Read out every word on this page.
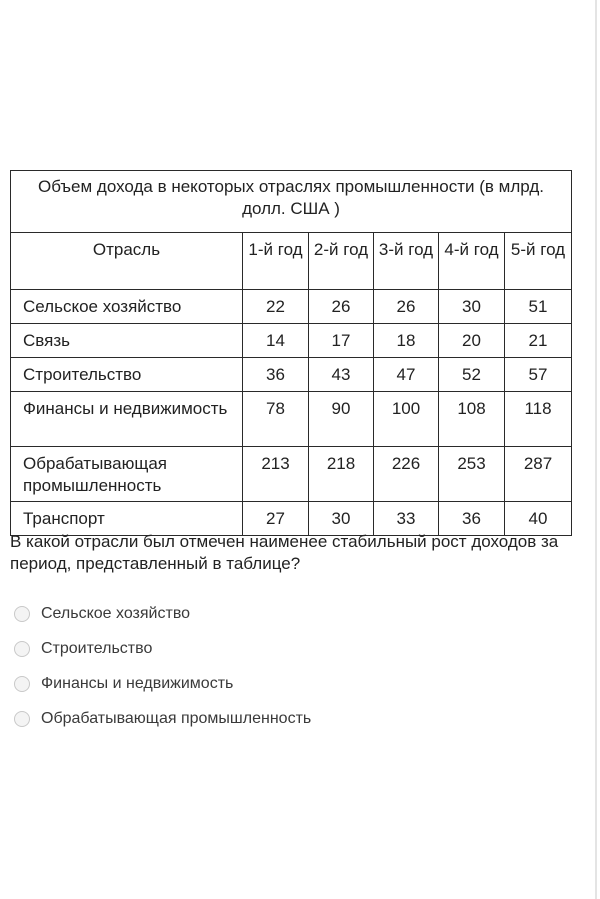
Объем дохода в некоторых отраслях промышленности (в млрд. долл. США )					
Отрасль	1-й год	2-й год	3-й год	4-й год	5-й год
Сельское хозяйство	22	26	26	30	51
Связь	14	17	18	20	21
Строительство	36	43	47	52	57
Финансы и недвижимость	78	90	100	108	118
Обрабатывающая промышленность	213	218	226	253	287
Транспорт	27	30	33	36	40
В какой отрасли был отмечен наименее стабильный рост доходов за период, представленный в таблице?
Сельское хозяйство
Строительство
Финансы и недвижимость
Обрабатывающая промышленность
